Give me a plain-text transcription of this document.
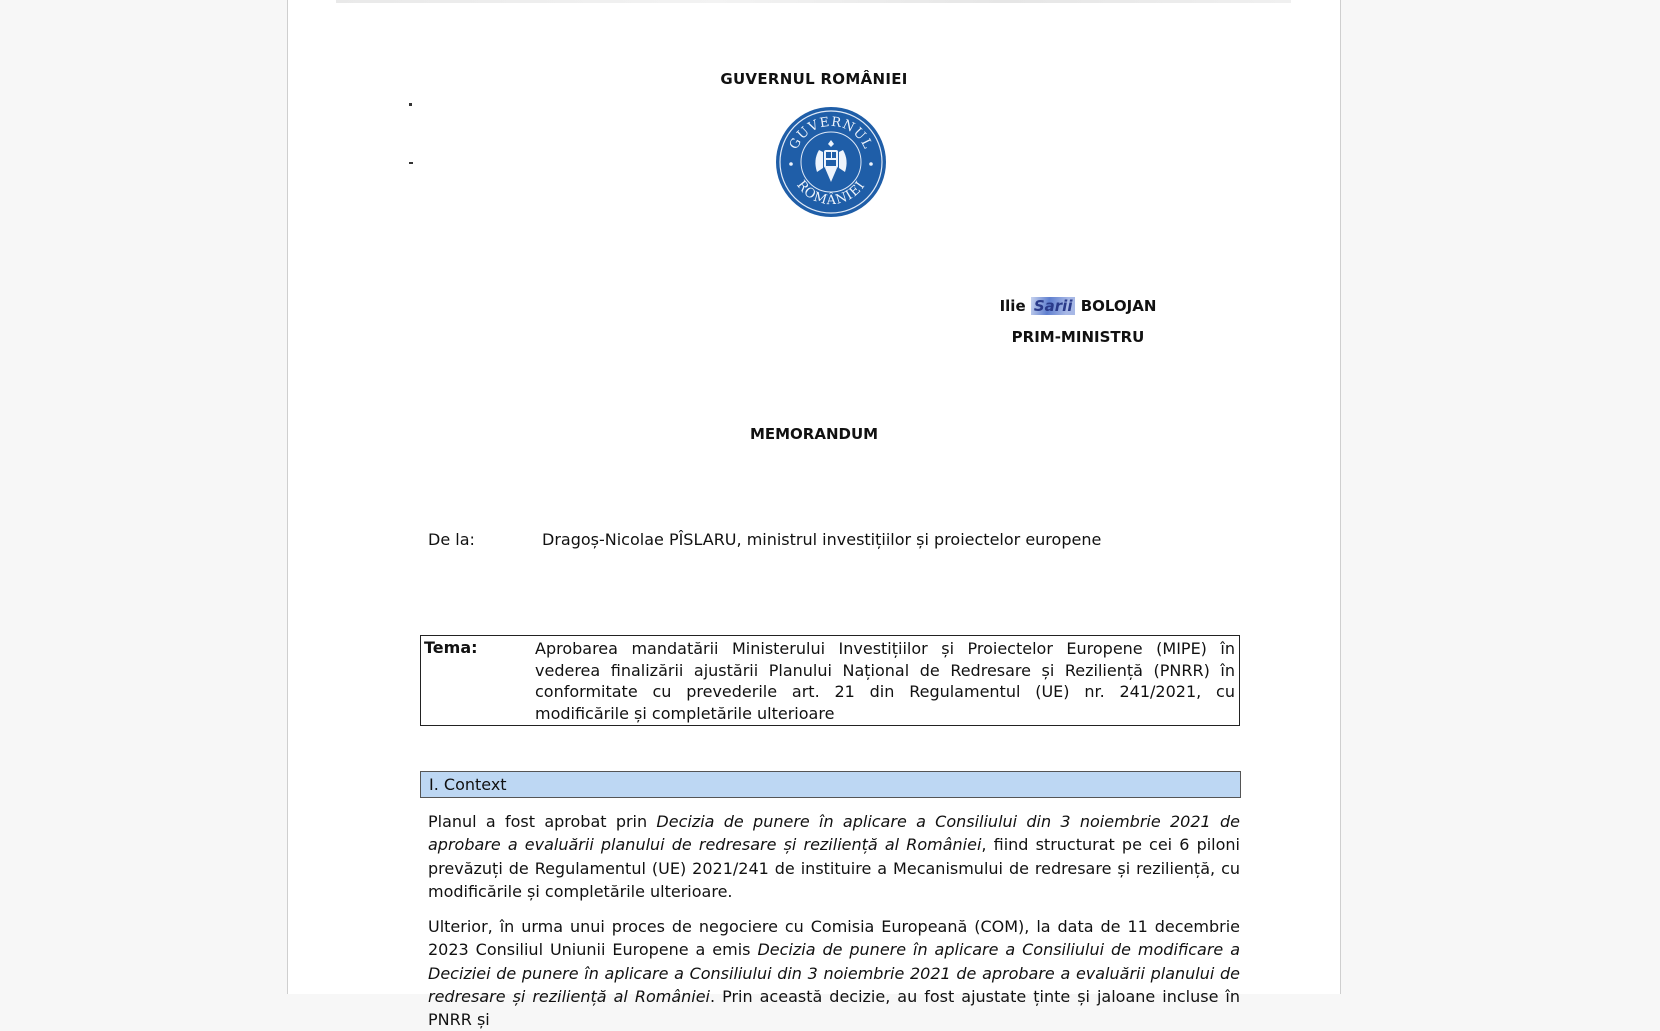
GUVERNUL ROMÂNIEI
GUVERNUL
ROMÂNIEI
Ilie Sarii BOLOJAN
PRIM-MINISTRU
MEMORANDUM
De la:	Dragoș-Nicolae PÎSLARU, ministrul investițiilor și proiectelor europene
Tema:	Aprobarea mandatării Ministerului Investițiilor și Proiectelor Europene (MIPE) în vederea finalizării ajustării Planului Național de Redresare și Reziliență (PNRR) în conformitate cu prevederile art. 21 din Regulamentul (UE) nr. 241/2021, cu modificările și completările ulterioare
I. Context
Planul a fost aprobat prin Decizia de punere în aplicare a Consiliului din 3 noiembrie 2021 de aprobare a evaluării planului de redresare și reziliență al României, fiind structurat pe cei 6 piloni prevăzuți de Regulamentul (UE) 2021/241 de instituire a Mecanismului de redresare și reziliență, cu modificările și completările ulterioare.
Ulterior, în urma unui proces de negociere cu Comisia Europeană (COM), la data de 11 decembrie 2023 Consiliul Uniunii Europene a emis Decizia de punere în aplicare a Consiliului de modificare a Deciziei de punere în aplicare a Consiliului din 3 noiembrie 2021 de aprobare a evaluării planului de redresare și reziliență al României. Prin această decizie, au fost ajustate ținte și jaloane incluse în PNRR și
